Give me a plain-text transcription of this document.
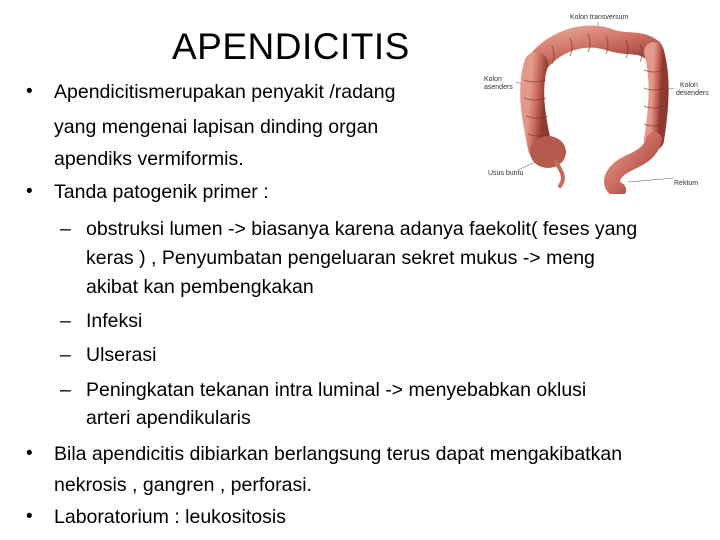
APENDICITIS
• Apendicitismerupakan penyakit /radang
yang mengenai lapisan dinding organ
apendiks vermiformis.
• Tanda patogenik primer :
– obstruksi lumen -> biasanya karena adanya faekolit( feses yang
keras ) , Penyumbatan pengeluaran sekret mukus -> meng
akibat kan pembengkakan
– Infeksi
– Ulserasi
– Peningkatan tekanan intra luminal -> menyebabkan oklusi
arteri apendikularis
• Bila apendicitis dibiarkan berlangsung terus dapat mengakibatkan
nekrosis , gangren , perforasi.
• Laboratorium : leukositosis
Kolon transversum
Kolon
asenders	Kolon
desenders
Usus buntu
Rektum
